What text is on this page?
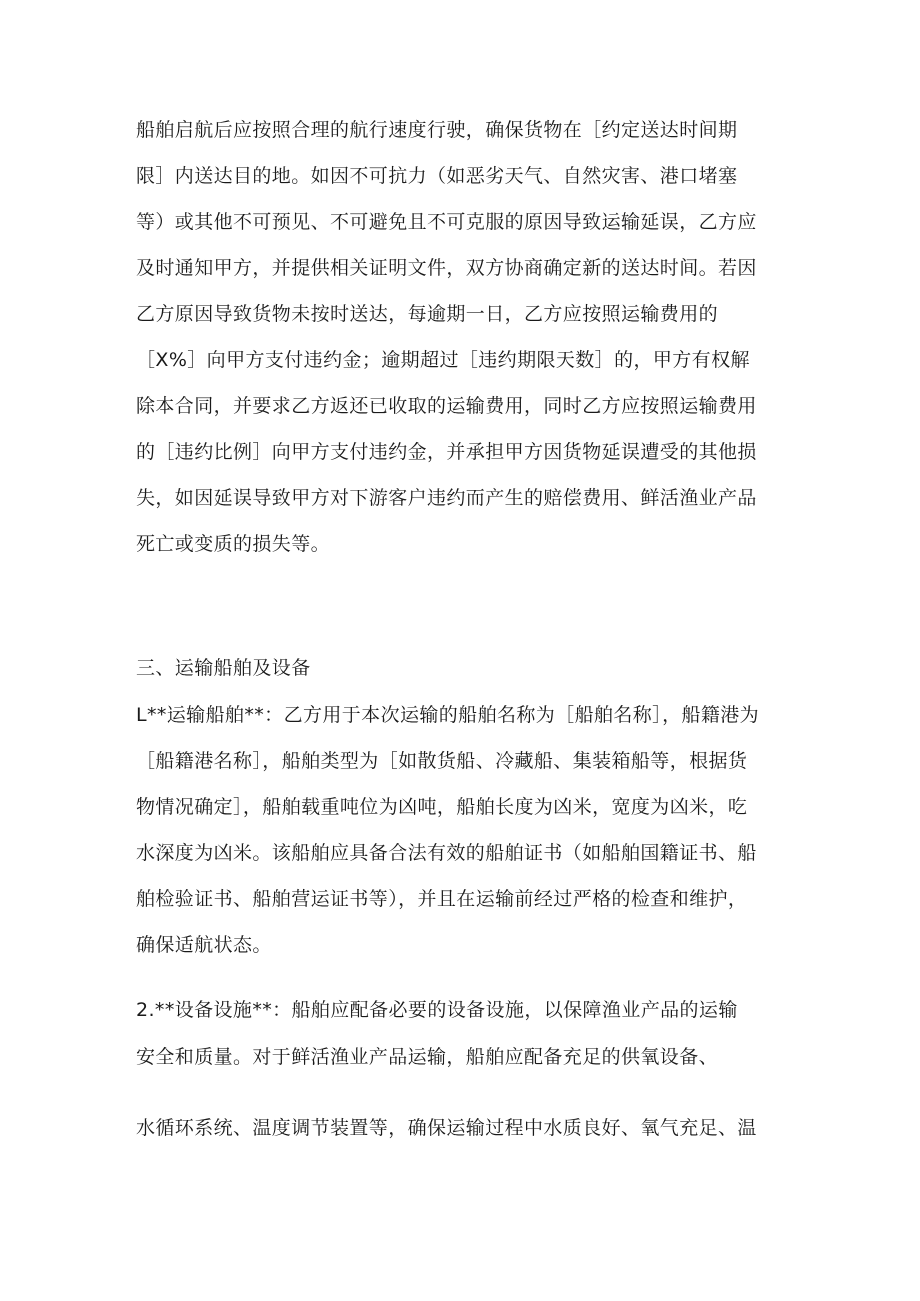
船舶启航后应按照合理的航行速度行驶，确保货物在［约定送达时间期
限］内送达目的地。如因不可抗力（如恶劣天气、自然灾害、港口堵塞
等）或其他不可预见、不可避免且不可克服的原因导致运输延误，乙方应
及时通知甲方，并提供相关证明文件，双方协商确定新的送达时间。若因
乙方原因导致货物未按时送达，每逾期一日，乙方应按照运输费用的
［X%］向甲方支付违约金；逾期超过［违约期限天数］的，甲方有权解
除本合同，并要求乙方返还已收取的运输费用，同时乙方应按照运输费用
的［违约比例］向甲方支付违约金，并承担甲方因货物延误遭受的其他损
失，如因延误导致甲方对下游客户违约而产生的赔偿费用、鲜活渔业产品
死亡或变质的损失等。
三、运输船舶及设备
L**运输船舶**：乙方用于本次运输的船舶名称为［船舶名称］，船籍港为
［船籍港名称］，船舶类型为［如散货船、冷藏船、集装箱船等，根据货
物情况确定］，船舶载重吨位为凶吨，船舶长度为凶米，宽度为凶米，吃
水深度为凶米。该船舶应具备合法有效的船舶证书（如船舶国籍证书、船
舶检验证书、船舶营运证书等），并且在运输前经过严格的检查和维护，
确保适航状态。
2.**设备设施**：船舶应配备必要的设备设施，以保障渔业产品的运输
安全和质量。对于鲜活渔业产品运输，船舶应配备充足的供氧设备、
水循环系统、温度调节装置等，确保运输过程中水质良好、氧气充足、温
